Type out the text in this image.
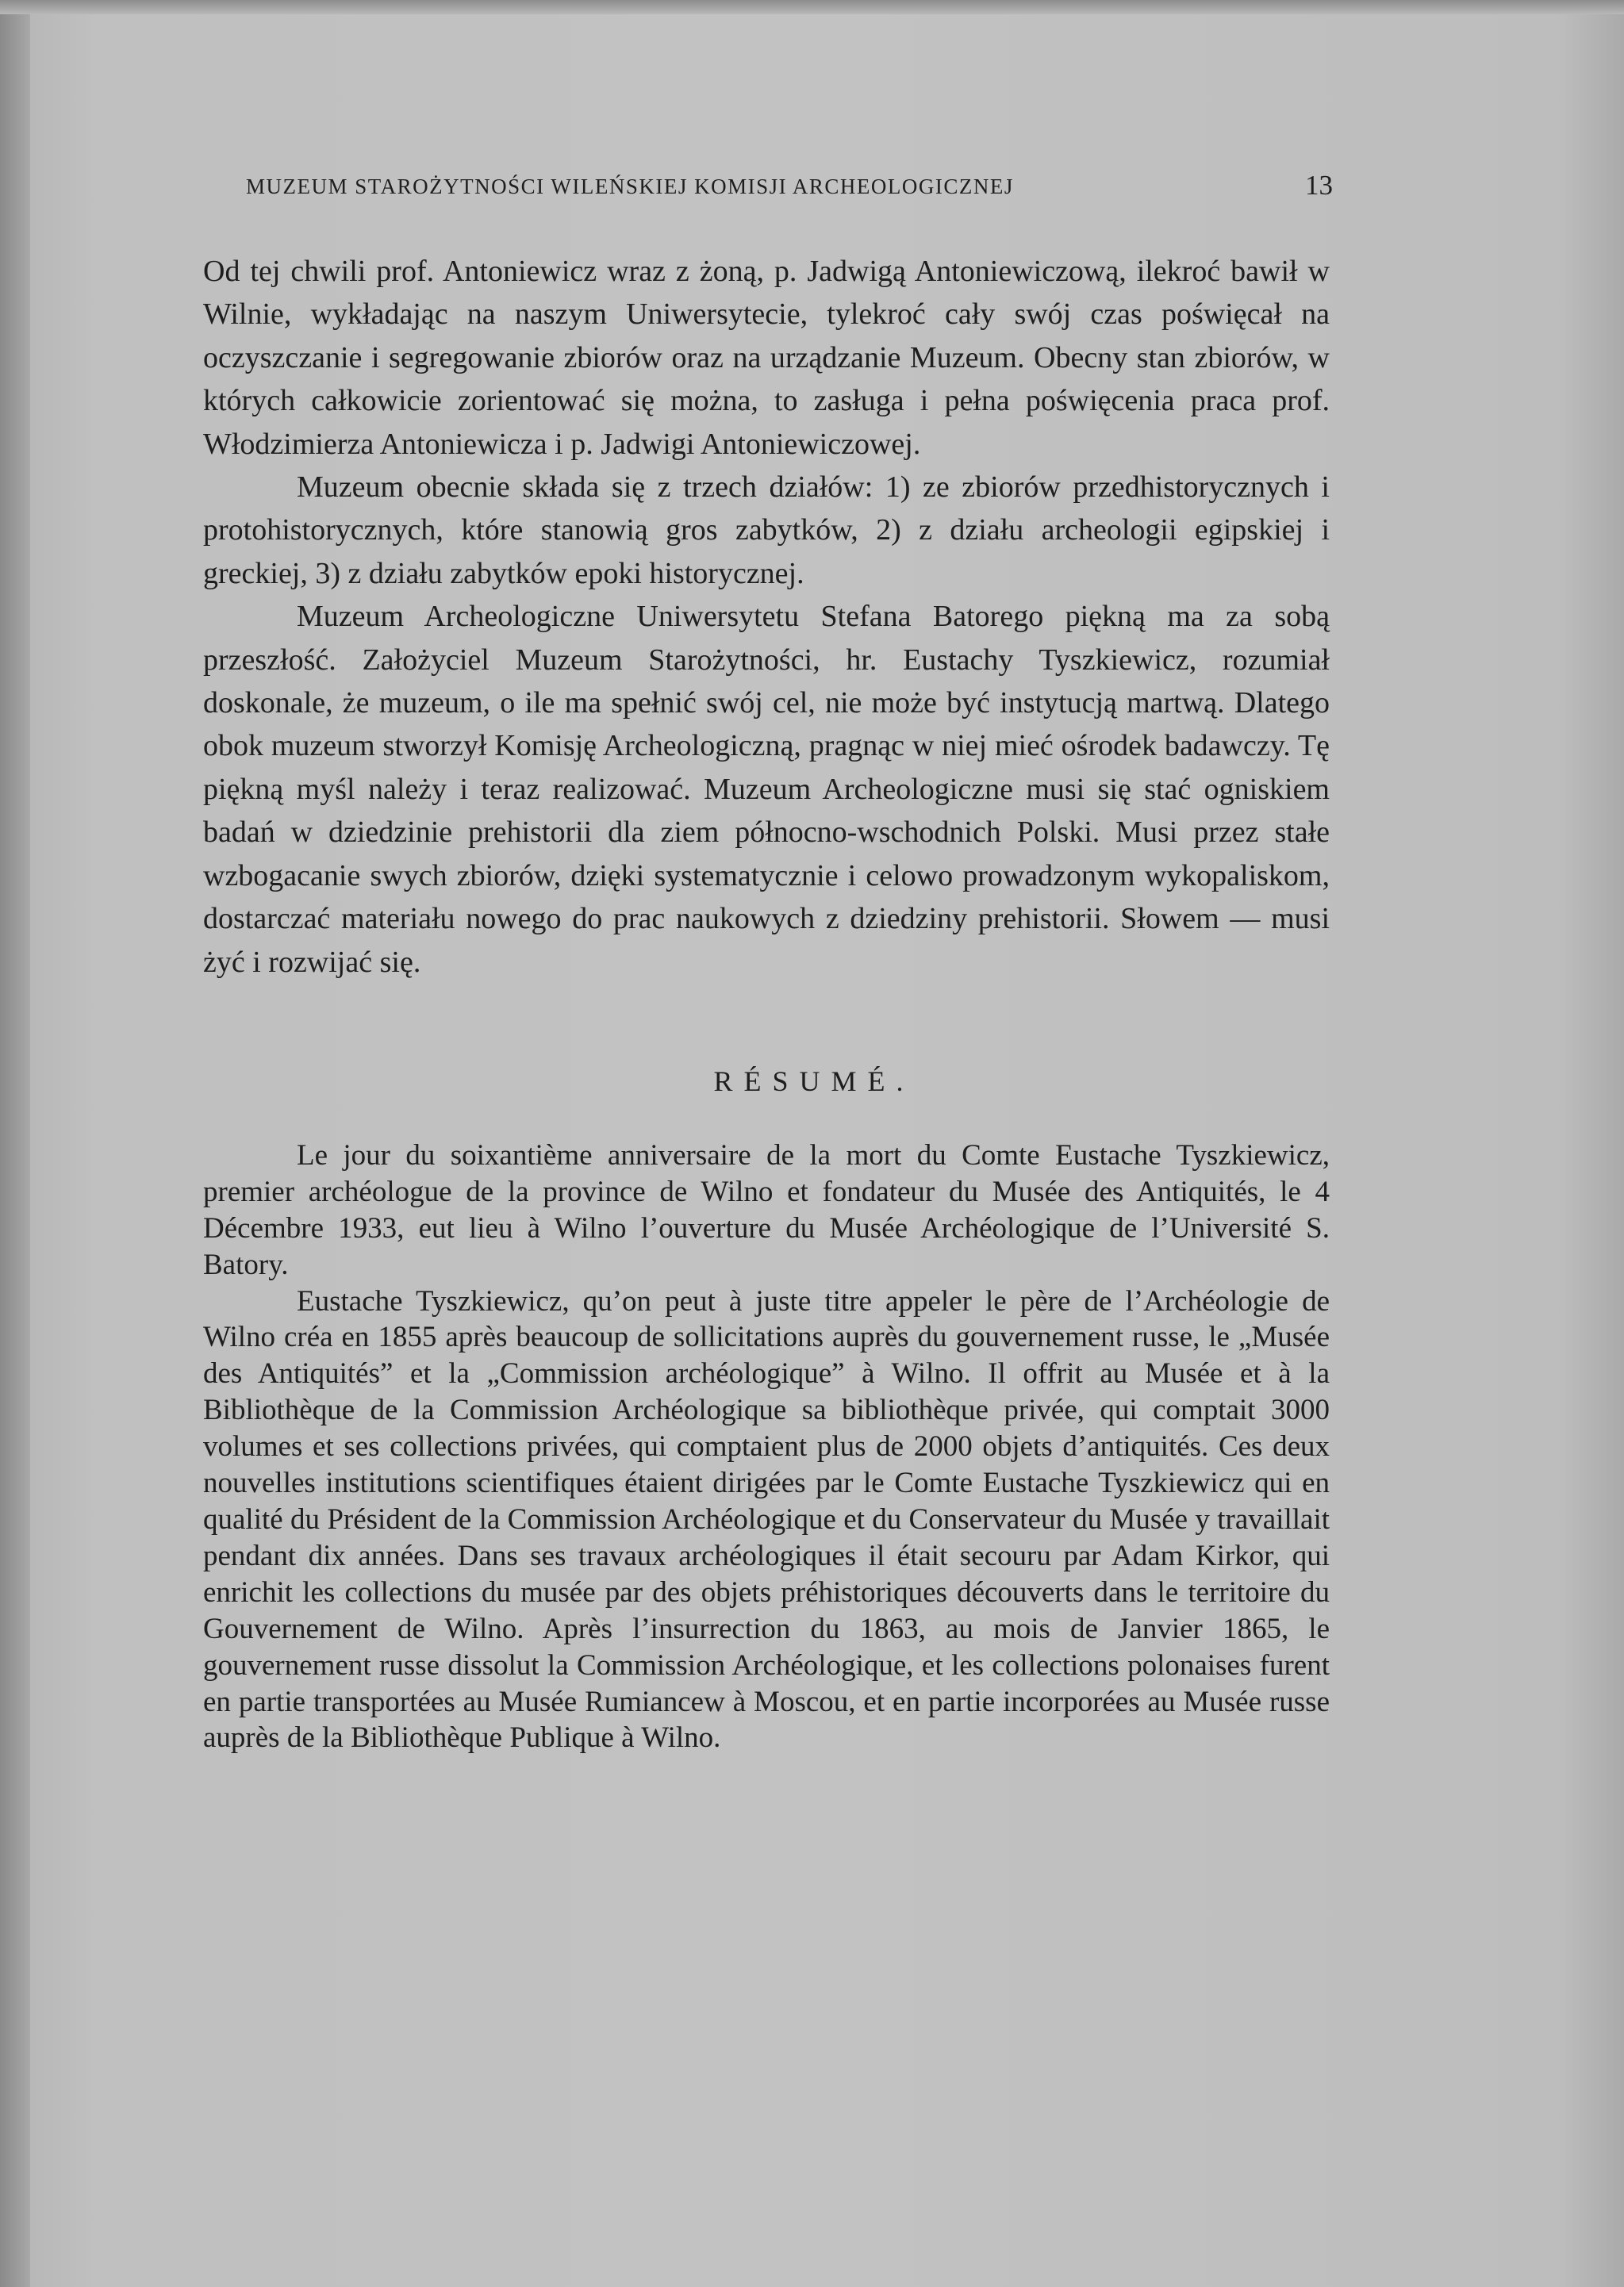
MUZEUM STAROŻYTNOŚCI WILEŃSKIEJ KOMISJI ARCHEOLOGICZNEJ	13

Od tej chwili prof. Antoniewicz wraz z żoną, p. Jadwigą Antoniewiczową, ilekroć bawił w Wilnie, wykładając na naszym Uniwersytecie, tylekroć cały swój czas poświęcał na oczyszczanie i segregowanie zbiorów oraz na urządzanie Muzeum. Obecny stan zbiorów, w których całkowicie zorientować się można, to zasługa i pełna poświęcenia praca prof. Włodzimierza Antoniewicza i p. Jadwigi Antoniewiczowej.

Muzeum obecnie składa się z trzech działów: 1) ze zbiorów przedhistorycznych i protohistorycznych, które stanowią gros zabytków, 2) z działu archeologii egipskiej i greckiej, 3) z działu zabytków epoki historycznej.

Muzeum Archeologiczne Uniwersytetu Stefana Batorego piękną ma za sobą przeszłość. Założyciel Muzeum Starożytności, hr. Eustachy Tyszkiewicz, rozumiał doskonale, że muzeum, o ile ma spełnić swój cel, nie może być instytucją martwą. Dlatego obok muzeum stworzył Komisję Archeologiczną, pragnąc w niej mieć ośrodek badawczy. Tę piękną myśl należy i teraz realizować. Muzeum Archeologiczne musi się stać ogniskiem badań w dziedzinie prehistorii dla ziem północno-wschodnich Polski. Musi przez stałe wzbogacanie swych zbiorów, dzięki systematycznie i celowo prowadzonym wykopaliskom, dostarczać materiału nowego do prac naukowych z dziedziny prehistorii. Słowem — musi żyć i rozwijać się.

RÉSUMÉ.

Le jour du soixantième anniversaire de la mort du Comte Eustache Tyszkiewicz, premier archéologue de la province de Wilno et fondateur du Musée des Antiquités, le 4 Décembre 1933, eut lieu à Wilno l’ouverture du Musée Archéologique de l’Université S. Batory.

Eustache Tyszkiewicz, qu’on peut à juste titre appeler le père de l’Archéologie de Wilno créa en 1855 après beaucoup de sollicitations auprès du gouvernement russe, le „Musée des Antiquités” et la „Commission archéologique” à Wilno. Il offrit au Musée et à la Bibliothèque de la Commission Archéologique sa bibliothèque privée, qui comptait 3000 volumes et ses collections privées, qui comptaient plus de 2000 objets d’antiquités. Ces deux nouvelles institutions scientifiques étaient dirigées par le Comte Eustache Tyszkiewicz qui en qualité du Président de la Commission Archéologique et du Conservateur du Musée y travaillait pendant dix années. Dans ses travaux archéologiques il était secouru par Adam Kirkor, qui enrichit les collections du musée par des objets préhistoriques découverts dans le territoire du Gouvernement de Wilno. Après l’insurrection du 1863, au mois de Janvier 1865, le gouvernement russe dissolut la Commission Archéologique, et les collections polonaises furent en partie transportées au Musée Rumiancew à Moscou, et en partie incorporées au Musée russe auprès de la Bibliothèque Publique à Wilno.
